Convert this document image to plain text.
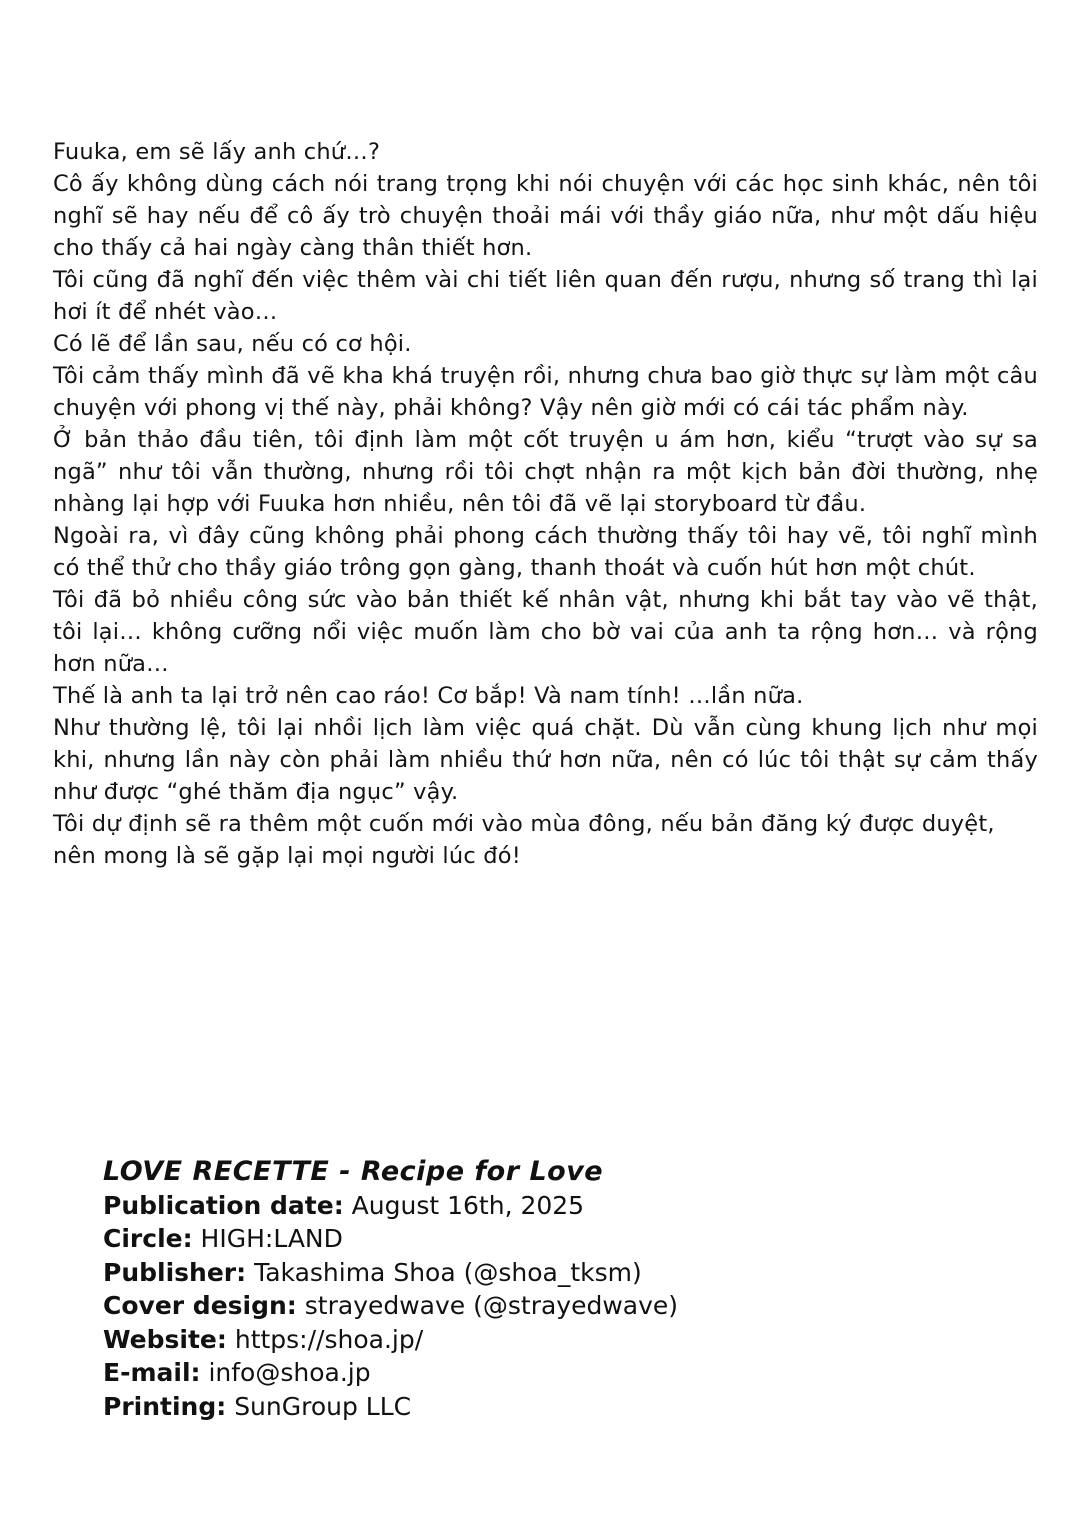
Fuuka, em sẽ lấy anh chứ…?

Cô ấy không dùng cách nói trang trọng khi nói chuyện với các học sinh khác, nên tôi nghĩ sẽ hay nếu để cô ấy trò chuyện thoải mái với thầy giáo nữa, như một dấu hiệu cho thấy cả hai ngày càng thân thiết hơn.

Tôi cũng đã nghĩ đến việc thêm vài chi tiết liên quan đến rượu, nhưng số trang thì lại hơi ít để nhét vào…

Có lẽ để lần sau, nếu có cơ hội.

Tôi cảm thấy mình đã vẽ kha khá truyện rồi, nhưng chưa bao giờ thực sự làm một câu chuyện với phong vị thế này, phải không? Vậy nên giờ mới có cái tác phẩm này.

Ở bản thảo đầu tiên, tôi định làm một cốt truyện u ám hơn, kiểu “trượt vào sự sa ngã” như tôi vẫn thường, nhưng rồi tôi chợt nhận ra một kịch bản đời thường, nhẹ nhàng lại hợp với Fuuka hơn nhiều, nên tôi đã vẽ lại storyboard từ đầu.

Ngoài ra, vì đây cũng không phải phong cách thường thấy tôi hay vẽ, tôi nghĩ mình có thể thử cho thầy giáo trông gọn gàng, thanh thoát và cuốn hút hơn một chút.

Tôi đã bỏ nhiều công sức vào bản thiết kế nhân vật, nhưng khi bắt tay vào vẽ thật, tôi lại… không cưỡng nổi việc muốn làm cho bờ vai của anh ta rộng hơn… và rộng hơn nữa…

Thế là anh ta lại trở nên cao ráo! Cơ bắp! Và nam tính! …lần nữa.

Như thường lệ, tôi lại nhồi lịch làm việc quá chặt. Dù vẫn cùng khung lịch như mọi khi, nhưng lần này còn phải làm nhiều thứ hơn nữa, nên có lúc tôi thật sự cảm thấy như được “ghé thăm địa ngục” vậy.

Tôi dự định sẽ ra thêm một cuốn mới vào mùa đông, nếu bản đăng ký được duyệt, nên mong là sẽ gặp lại mọi người lúc đó!

LOVE RECETTE - Recipe for Love
Publication date: August 16th, 2025
Circle: HIGH:LAND
Publisher: Takashima Shoa (@shoa_tksm)
Cover design: strayedwave (@strayedwave)
Website: https://shoa.jp/
E-mail: info@shoa.jp
Printing: SunGroup LLC
